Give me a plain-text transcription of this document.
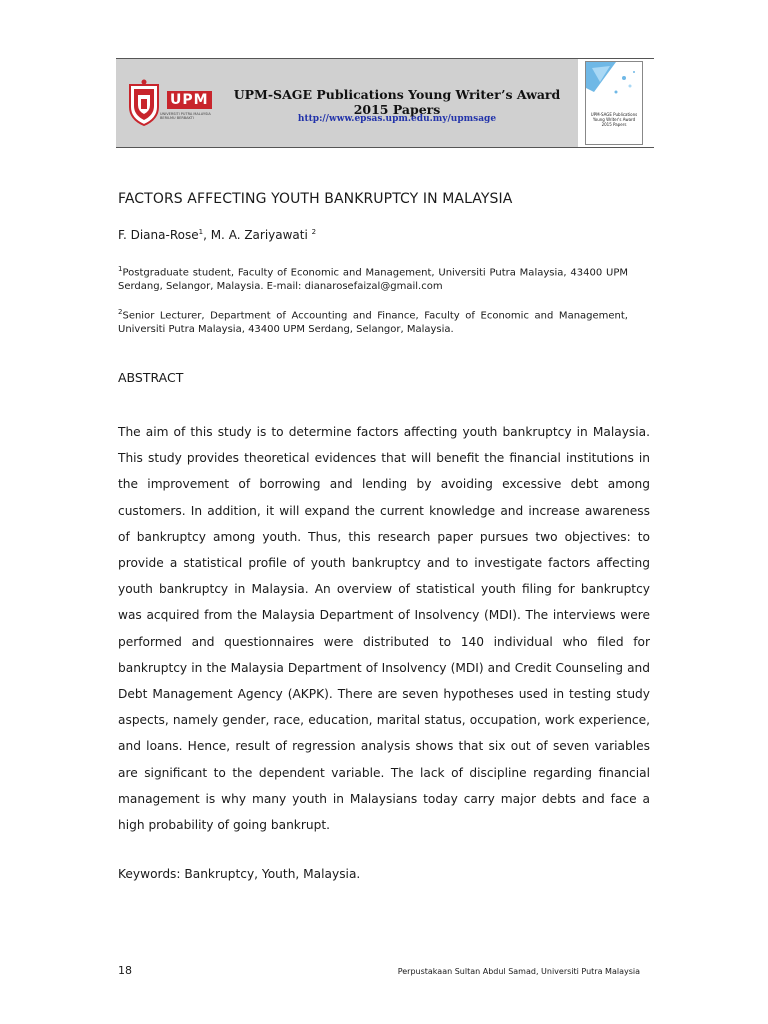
UPM
UNIVERSITI PUTRA MALAYSIA BERILMU BERBAKTI
UPM-SAGE Publications Young Writer’s Award 2015 Papers
http://www.epsas.upm.edu.my/upmsage	UPM-SAGE Publications Young Writer's Award 2015 Papers
FACTORS AFFECTING YOUTH BANKRUPTCY IN MALAYSIA
F. Diana-Rose$^1$, M. A. Zariyawati $^2$
$^1$Postgraduate student, Faculty of Economic and Management, Universiti Putra Malaysia, 43400 UPM Serdang, Selangor, Malaysia. E-mail: dianarosefaizal@gmail.com
$^2$Senior Lecturer, Department of Accounting and Finance, Faculty of Economic and Management, Universiti Putra Malaysia, 43400 UPM Serdang, Selangor, Malaysia.
ABSTRACT

The aim of this study is to determine factors affecting youth bankruptcy in Malaysia. This study provides theoretical evidences that will benefit the financial institutions in the improvement of borrowing and lending by avoiding excessive debt among customers. In addition, it will expand the current knowledge and increase awareness of bankruptcy among youth. Thus, this research paper pursues two objectives: to provide a statistical profile of youth bankruptcy and to investigate factors affecting youth bankruptcy in Malaysia. An overview of statistical youth filing for bankruptcy was acquired from the Malaysia Department of Insolvency (MDI). The interviews were performed and questionnaires were distributed to 140 individual who filed for bankruptcy in the Malaysia Department of Insolvency (MDI) and Credit Counseling and Debt Management Agency (AKPK). There are seven hypotheses used in testing study aspects, namely gender, race, education, marital status, occupation, work experience, and loans. Hence, result of regression analysis shows that six out of seven variables are significant to the dependent variable. The lack of discipline regarding financial management is why many youth in Malaysians today carry major debts and face a high probability of going bankrupt.

Keywords: Bankruptcy, Youth, Malaysia.
18	Perpustakaan Sultan Abdul Samad, Universiti Putra Malaysia
